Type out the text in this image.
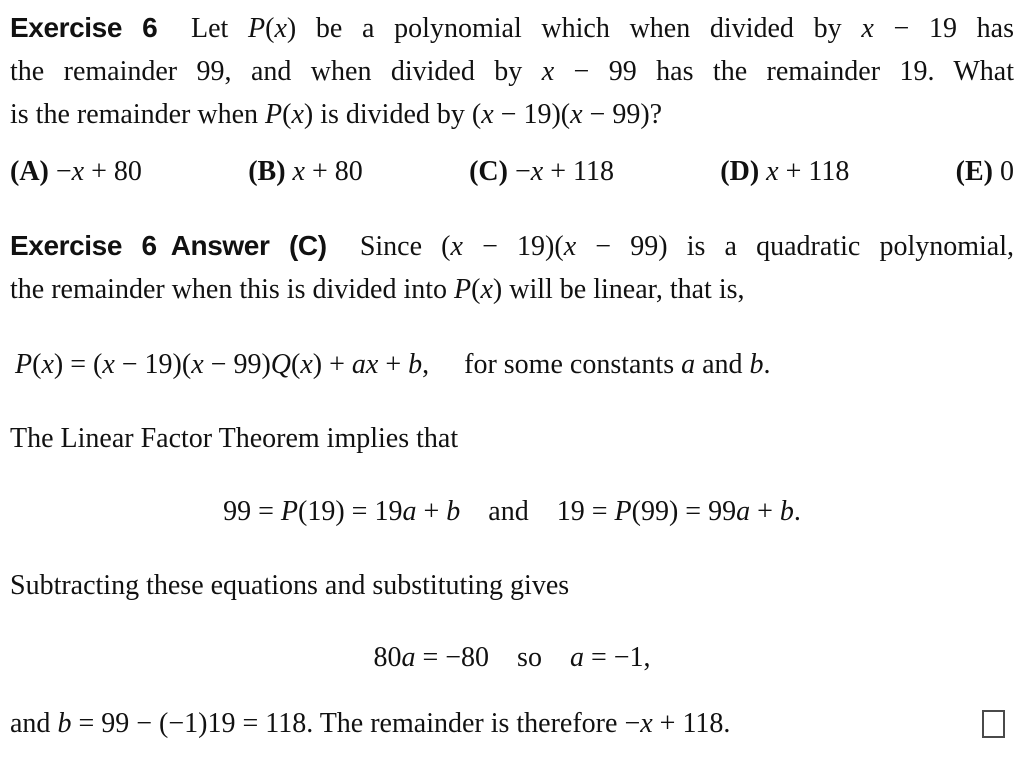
Exercise 6  Let P(x) be a polynomial which when divided by x − 19 has
the remainder 99, and when divided by x − 99 has the remainder 19. What
is the remainder when P(x) is divided by (x − 19)(x − 99)?
(A) −x + 80	(B) x + 80	(C) −x + 118	(D) x + 118	(E) 0
Exercise 6  Answer (C)  Since (x − 19)(x − 99) is a quadratic polynomial,
the remainder when this is divided into P(x) will be linear, that is,
P(x) = (x − 19)(x − 99)Q(x) + ax + b,  for some constants a and b.
The Linear Factor Theorem implies that
99 = P(19) = 19a + b and 19 = P(99) = 99a + b.
Subtracting these equations and substituting gives
80a = −80 so a = −1,
and b = 99 − (−1)19 = 118. The remainder is therefore −x + 118.
